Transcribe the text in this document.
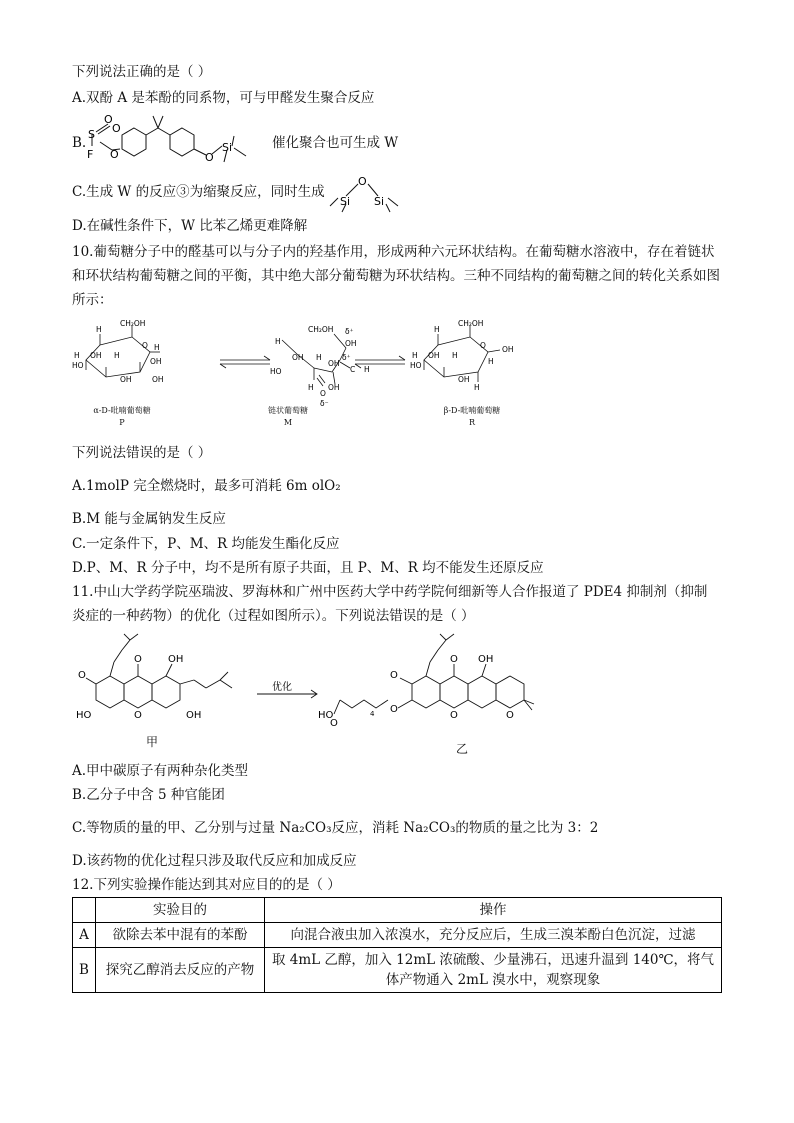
下列说法正确的是（ ）
A.双酚 A 是苯酚的同系物，可与甲醛发生聚合反应
B.
S
O
O
F O	O
Si	催化聚合也可生成 W
C.生成 W 的反应③为缩聚反应，同时生成
O
Si Si
D.在碱性条件下，W 比苯乙烯更难降解
10.葡萄糖分子中的醛基可以与分子内的羟基作用，形成两种六元环状结构。在葡萄糖水溶液中，存在着链状和环状结构葡萄糖之间的平衡，其中绝大部分葡萄糖为环状结构。三种不同结构的葡萄糖之间的转化关系如图所示：
CH₂OH
H
O
H OH H
H
HO	OH
OH	OH
CH₂OH δ⁺
OH
H
OH H	δ⁺
HO
OH
C H
H OH
O
δ⁻
CH₂OH
H
O
H OH H
OH
HO	H
OH
H
α-D-吡喃葡萄糖
P
链状葡萄糖
M
β-D-吡喃葡萄糖
R
下列说法错误的是（ ）
A.1molP 完全燃烧时，最多可消耗 6m olO₂
B.M 能与金属钠发生反应
C.一定条件下，P、M、R 均能发生酯化反应
D.P、M、R 分子中，均不是所有原子共面，且 P、M、R 均不能发生还原反应
11.中山大学药学院巫瑞波、罗海林和广州中医药大学中药学院何细新等人合作报道了 PDE4 抑制剂（抑制炎症的一种药物）的优化（过程如图所示）。下列说法错误的是（ ）
OH
O
O
HO	O	OH
优化
OH
O
O
HO
O
4 O
O	O
甲	乙
A.甲中碳原子有两种杂化类型
B.乙分子中含 5 种官能团
C.等物质的量的甲、乙分别与过量 Na₂CO₃反应，消耗 Na₂CO₃的物质的量之比为 3：2
D.该药物的优化过程只涉及取代反应和加成反应
12.下列实验操作能达到其对应目的的是（ ）
	实验目的	操作
A	欲除去苯中混有的苯酚	向混合液虫加入浓溴水，充分反应后，生成三溴苯酚白色沉淀，过滤
B	探究乙醇消去反应的产物	取 4mL 乙醇，加入 12mL 浓硫酸、少量沸石，迅速升温到 140℃，将气体产物通入 2mL 溴水中，观察现象
